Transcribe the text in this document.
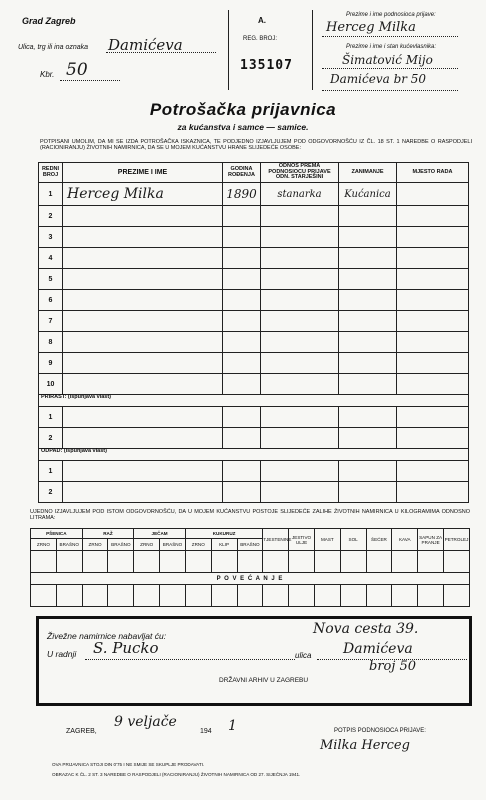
Grad Zagreb
Ulica, trg ili ina oznaka Damićeva
Kbr. 50
A.
REG. BROJ:
135107
Prezime i ime podnosioca prijave:
Herceg Milka
Prezime i ime i stan kućevlasnika:
Šimatović Mijo
Damićeva br 50
Potrošačka prijavnica
za kućanstva i samce — samice.
POTPISANI UMOLIM, DA MI SE IZDA POTROŠAČKA ISKAZNICA, TE PODJEDNO IZJAVLJUJEM POD ODGOVORNOŠĆU IZ ČL. 18 ST. 1 NAREDBE O RASPODJELI (RACIONIRANJU) ŽIVOTNIH NAMIRNICA, DA SE U MOJEM KUĆANSTVU HRANE SLIJEDEĆE OSOBE:
REDNI BROJ	PREZIME I IME	GODINA ROĐENJA	ODNOS PREMA PODNOSIOCU PRIJAVE ODN. STARJEŠINI	ZANIMANJE	MJESTO RADA
1	Herceg Milka	1890	stanarka	Kućanica	
2					
3					
4					
5					
6					
7					
8					
9					
10					
PRIRAST: (ispunjava vlast)					
1					
2					
ODPAD: (ispunjava vlast)					
1					
2					
UJEDNO IZJAVLJUJEM POD ISTOM ODGOVORNOŠĆU, DA U MOJEM KUĆANSTVU POSTOJE SLIJEDEĆE ZALIHE ŽIVOTNIH NAMIRNICA U KILOGRAMIMA ODNOSNO LITRAMA:
PŠENICA		RAŽ		JEČAM		KUKURUZ			TJESTENINE	JESTIVO ULJE	MAST	SOL	ŠEĆER	KAVA	SAPUN ZA PRANJE	PETROLEJ
ZRNO	BRAŠNO	ZRNO	BRAŠNO	ZRNO	BRAŠNO	ZRNO	KLIP	BRAŠNO								

P O V E Ć A N J E																

Živežne namirnice nabavljat ću:	Nova cesta 39.
U radnji S. Pucko	ulica Damićeva
broj 50
DRŽAVNI ARHIV U ZAGREBU
ZAGREB,
9 veljače
194 1	POTPIS PODNOSIOCA PRIJAVE:
Milka Herceg
OVA PRIJAVNICA STOJI DIN 0'75 I NE SMIJE SE SKUPLJE PRODAVATI.
OBRAZAC K ČL. 2 ST. 3 NAREDBE O RASPODJELI (RACIONIRANJU) ŽIVOTNIH NAMIRNICA OD 27. SIJEČNJA 1941.
